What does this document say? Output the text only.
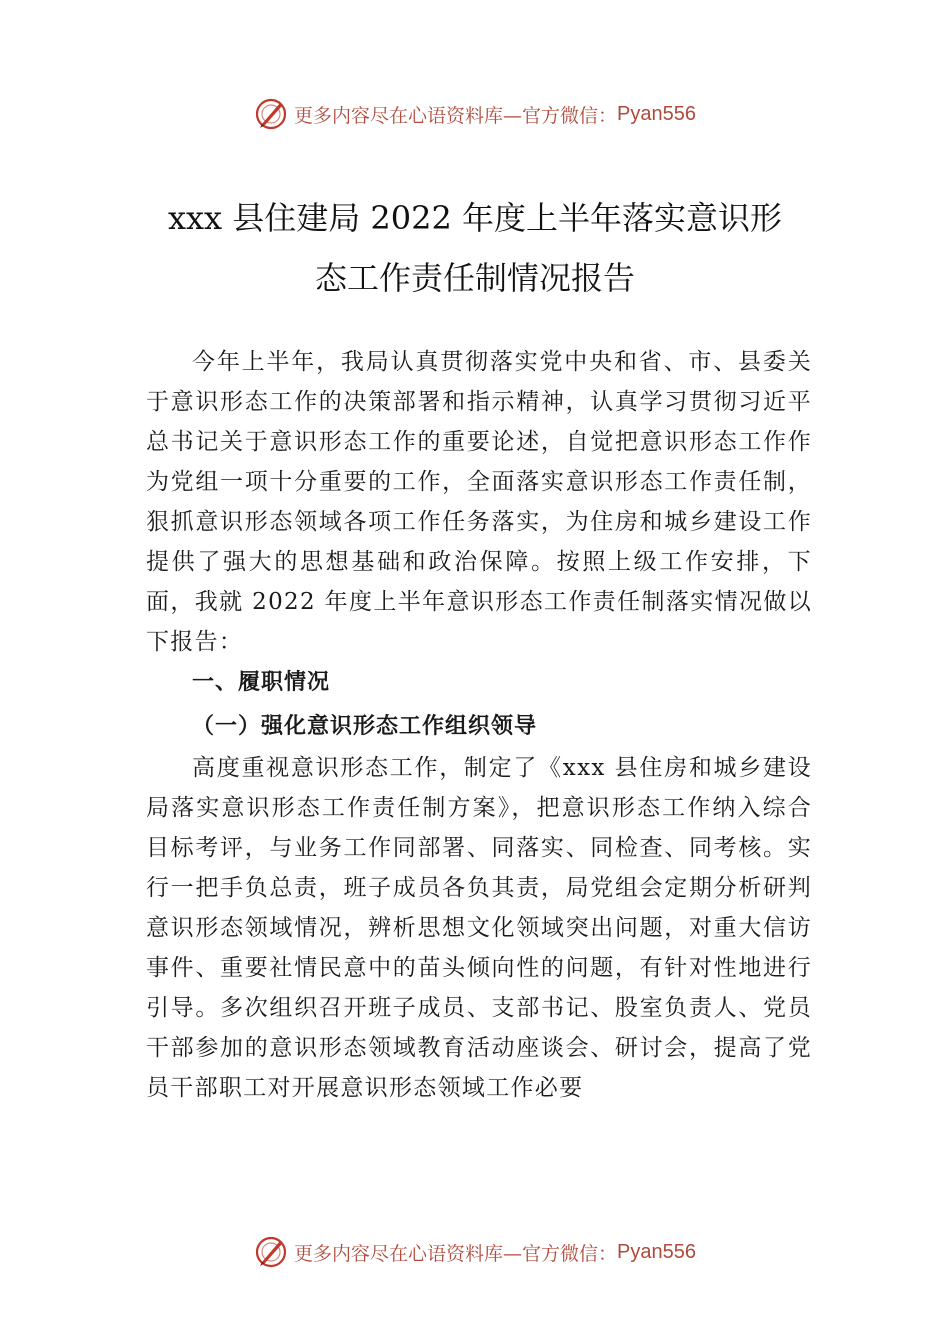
更多内容尽在心语资料库—官方微信： Pyan556
xxx 县住建局 2022 年度上半年落实意识形
态工作责任制情况报告

今年上半年，我局认真贯彻落实党中央和省、市、县委关于意识形态工作的决策部署和指示精神，认真学习贯彻习近平总书记关于意识形态工作的重要论述，自觉把意识形态工作作为党组一项十分重要的工作，全面落实意识形态工作责任制，狠抓意识形态领域各项工作任务落实，为住房和城乡建设工作提供了强大的思想基础和政治保障。按照上级工作安排，下面，我就 2022 年度上半年意识形态工作责任制落实情况做以下报告：

一、履职情况

（一）强化意识形态工作组织领导

高度重视意识形态工作，制定了《xxx 县住房和城乡建设局落实意识形态工作责任制方案》，把意识形态工作纳入综合目标考评，与业务工作同部署、同落实、同检查、同考核。实行一把手负总责，班子成员各负其责，局党组会定期分析研判意识形态领域情况，辨析思想文化领域突出问题，对重大信访事件、重要社情民意中的苗头倾向性的问题，有针对性地进行引导。多次组织召开班子成员、支部书记、股室负责人、党员干部参加的意识形态领域教育活动座谈会、研讨会，提高了党员干部职工对开展意识形态领域工作必要

更多内容尽在心语资料库—官方微信： Pyan556
